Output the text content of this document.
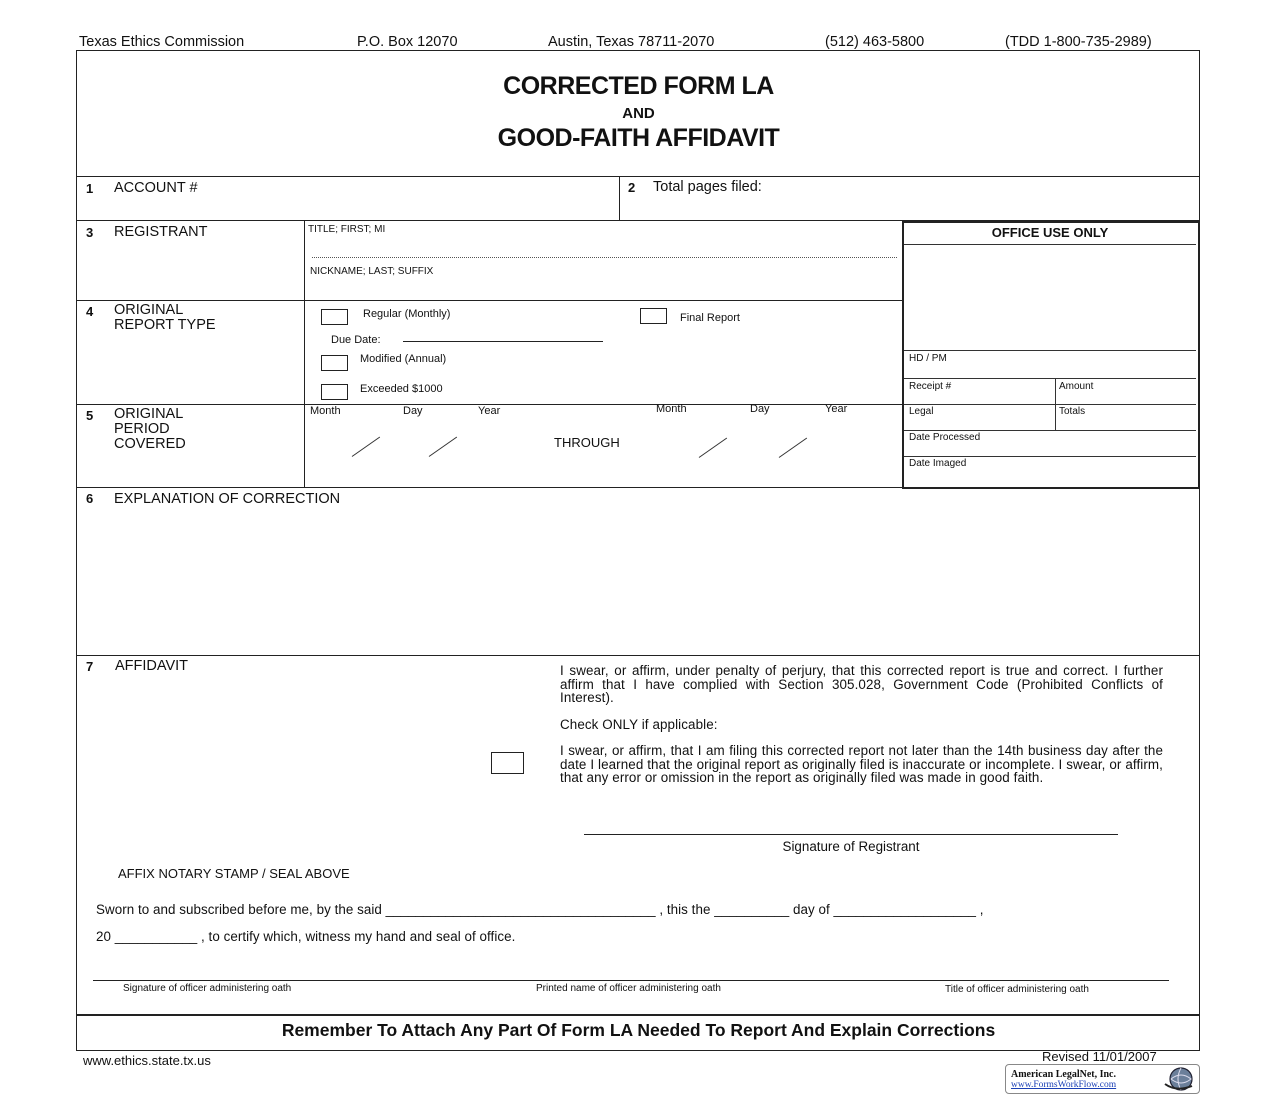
Texas Ethics Commission	P.O. Box 12070	Austin, Texas 78711-2070	(512) 463-5800	(TDD 1-800-735-2989)
CORRECTED FORM LA
AND
GOOD-FAITH AFFIDAVIT
1 ACCOUNT #	2 Total pages filed:
3 REGISTRANT	TITLE; FIRST; MI
NICKNAME; LAST; SUFFIX
4 ORIGINAL
REPORT TYPE
Regular (Monthly)	Final Report
Due Date:
Modified (Annual)
Exceeded $1000
5 ORIGINAL
PERIOD
COVERED
Month	Day	Year
THROUGH
Month	Day	Year
OFFICE USE ONLY
HD / PM
Receipt #	Amount
Legal	Totals
Date Processed
Date Imaged
6 EXPLANATION OF CORRECTION
7 AFFIDAVIT	I swear, or affirm, under penalty of perjury, that this corrected report is true and correct. I further affirm that I have complied with Section 305.028, Government Code (Prohibited Conflicts of Interest).
Check ONLY if applicable:
I swear, or affirm, that I am filing this corrected report not later than the 14th business day after the date I learned that the original report as originally filed is inaccurate or incomplete. I swear, or affirm, that any error or omission in the report as originally filed was made in good faith.
Signature of Registrant
AFFIX NOTARY STAMP / SEAL ABOVE
Sworn to and subscribed before me, by the said ____________________________________ , this the __________ day of ___________________ ,
20 ___________ , to certify which, witness my hand and seal of office.
Signature of officer administering oath	Printed name of officer administering oath	Title of officer administering oath
Remember To Attach Any Part Of Form LA Needed To Report And Explain Corrections
www.ethics.state.tx.us	Revised 11/01/2007
American LegalNet, Inc.
www.FormsWorkFlow.com
